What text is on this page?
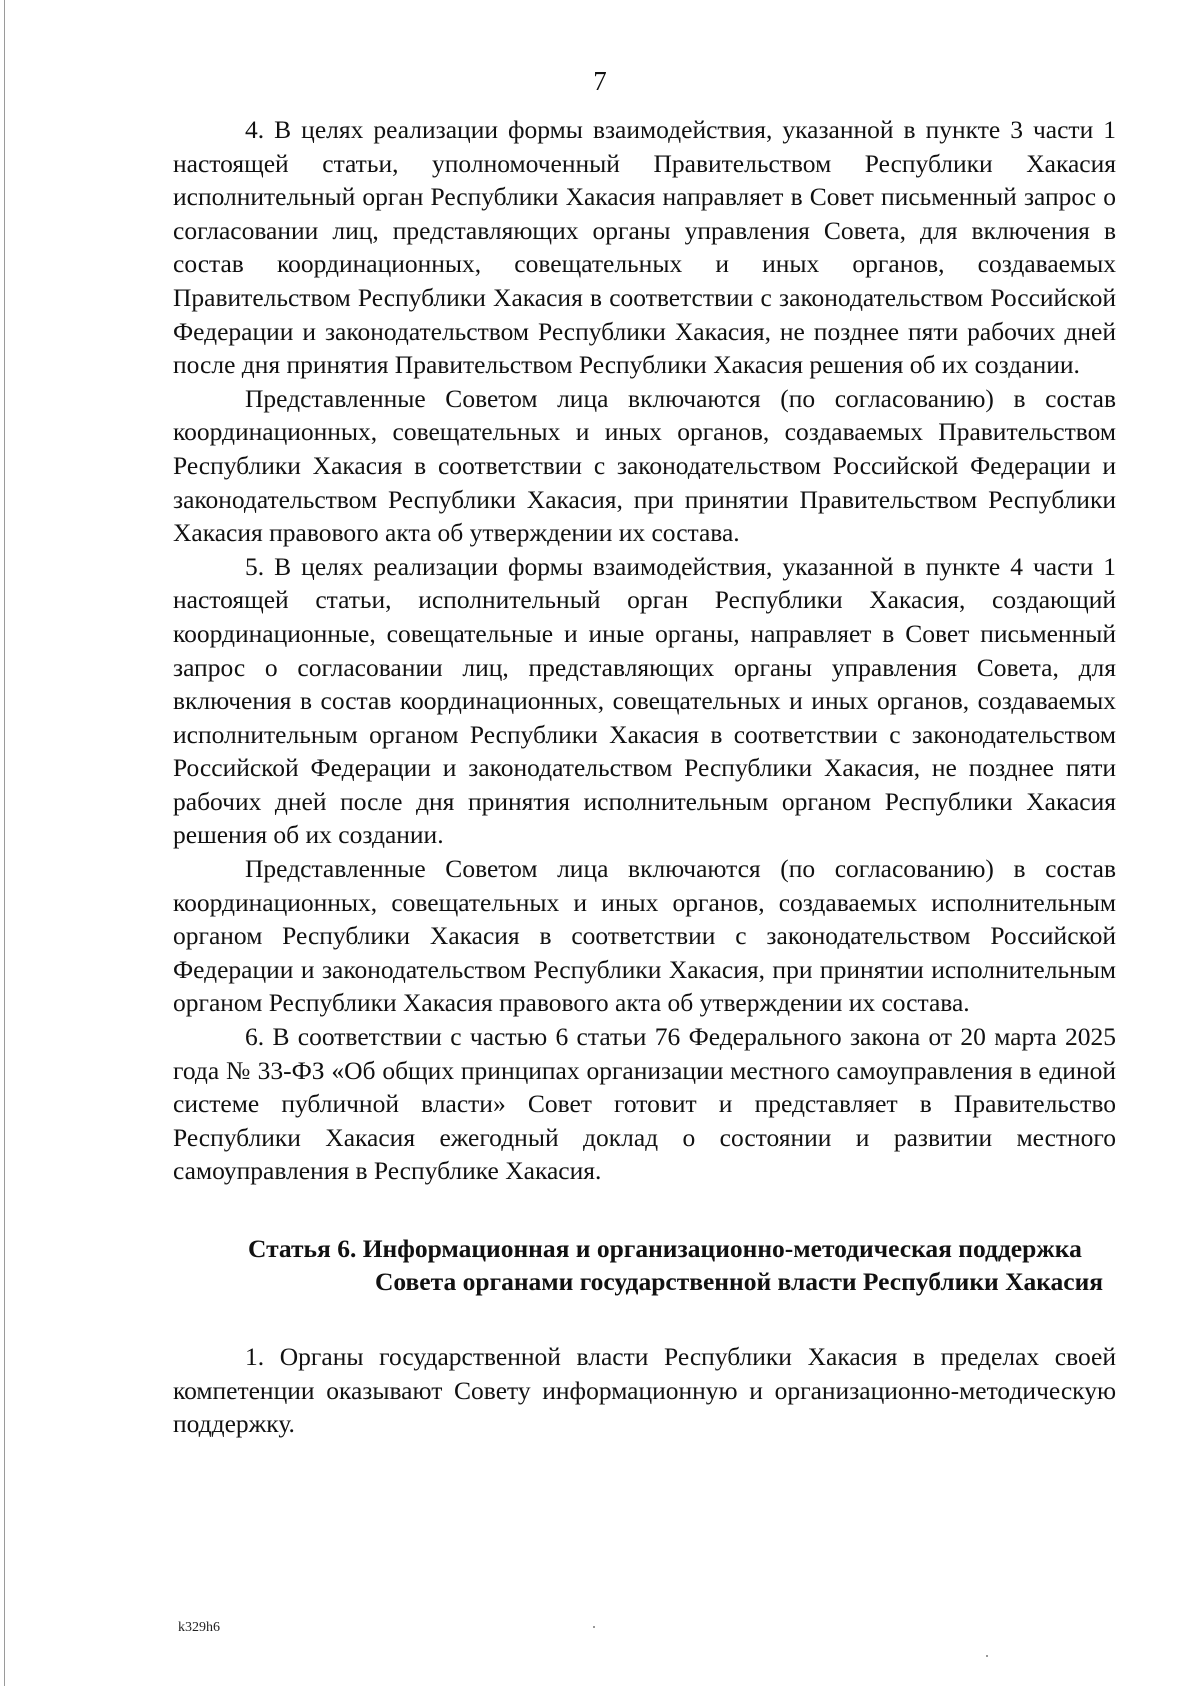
7

4. В целях реализации формы взаимодействия, указанной в пункте 3 части 1 настоящей статьи, уполномоченный Правительством Республики Хакасия исполнительный орган Республики Хакасия направляет в Совет письменный запрос о согласовании лиц, представляющих органы управления Совета, для включения в состав координационных, совещательных и иных органов, создаваемых Правительством Республики Хакасия в соответствии с законодательством Российской Федерации и законодательством Республики Хакасия, не позднее пяти рабочих дней после дня принятия Правительством Республики Хакасия решения об их создании.

Представленные Советом лица включаются (по согласованию) в состав координационных, совещательных и иных органов, создаваемых Правительством Республики Хакасия в соответствии с законодательством Российской Федерации и законодательством Республики Хакасия, при принятии Правительством Республики Хакасия правового акта об утверждении их состава.

5. В целях реализации формы взаимодействия, указанной в пункте 4 части 1 настоящей статьи, исполнительный орган Республики Хакасия, создающий координационные, совещательные и иные органы, направляет в Совет письменный запрос о согласовании лиц, представляющих органы управления Совета, для включения в состав координационных, совещательных и иных органов, создаваемых исполнительным органом Республики Хакасия в соответствии с законодательством Российской Федерации и законодательством Республики Хакасия, не позднее пяти рабочих дней после дня принятия исполнительным органом Республики Хакасия решения об их создании.

Представленные Советом лица включаются (по согласованию) в состав координационных, совещательных и иных органов, создаваемых исполнительным органом Республики Хакасия в соответствии с законодательством Российской Федерации и законодательством Республики Хакасия, при принятии исполнительным органом Республики Хакасия правового акта об утверждении их состава.

6. В соответствии с частью 6 статьи 76 Федерального закона от 20 марта 2025 года № 33-ФЗ «Об общих принципах организации местного самоуправления в единой системе публичной власти» Совет готовит и представляет в Правительство Республики Хакасия ежегодный доклад о состоянии и развитии местного самоуправления в Республике Хакасия.

Статья 6. Информационная и организационно-методическая поддержка Совета органами государственной власти Республики Хакасия

1. Органы государственной власти Республики Хакасия в пределах своей компетенции оказывают Совету информационную и организационно-методическую поддержку.

k329h6
